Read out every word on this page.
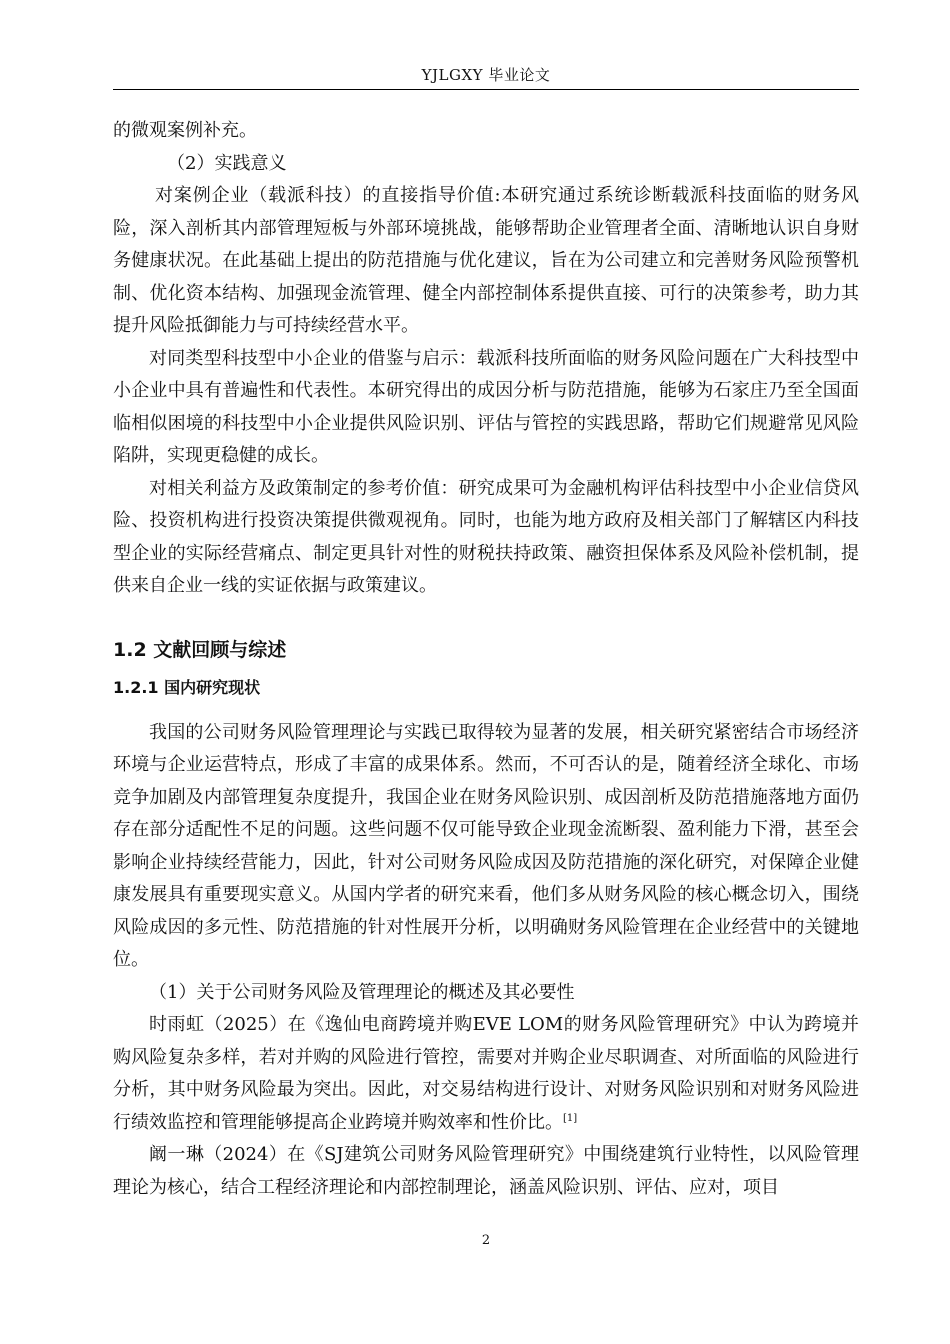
YJLGXY 毕业论文

的微观案例补充。

（2）实践意义

对案例企业（载派科技）的直接指导价值:本研究通过系统诊断载派科技面临的财务风险，深入剖析其内部管理短板与外部环境挑战，能够帮助企业管理者全面、清晰地认识自身财务健康状况。在此基础上提出的防范措施与优化建议，旨在为公司建立和完善财务风险预警机制、优化资本结构、加强现金流管理、健全内部控制体系提供直接、可行的决策参考，助力其提升风险抵御能力与可持续经营水平。

对同类型科技型中小企业的借鉴与启示：载派科技所面临的财务风险问题在广大科技型中小企业中具有普遍性和代表性。本研究得出的成因分析与防范措施，能够为石家庄乃至全国面临相似困境的科技型中小企业提供风险识别、评估与管控的实践思路，帮助它们规避常见风险陷阱，实现更稳健的成长。

对相关利益方及政策制定的参考价值：研究成果可为金融机构评估科技型中小企业信贷风险、投资机构进行投资决策提供微观视角。同时，也能为地方政府及相关部门了解辖区内科技型企业的实际经营痛点、制定更具针对性的财税扶持政策、融资担保体系及风险补偿机制，提供来自企业一线的实证依据与政策建议。

1.2 文献回顾与综述
1.2.1 国内研究现状

我国的公司财务风险管理理论与实践已取得较为显著的发展，相关研究紧密结合市场经济环境与企业运营特点，形成了丰富的成果体系。然而，不可否认的是，随着经济全球化、市场竞争加剧及内部管理复杂度提升，我国企业在财务风险识别、成因剖析及防范措施落地方面仍存在部分适配性不足的问题。这些问题不仅可能导致企业现金流断裂、盈利能力下滑，甚至会影响企业持续经营能力，因此，针对公司财务风险成因及防范措施的深化研究，对保障企业健康发展具有重要现实意义。从国内学者的研究来看，他们多从财务风险的核心概念切入，围绕风险成因的多元性、防范措施的针对性展开分析，以明确财务风险管理在企业经营中的关键地位。

（1）关于公司财务风险及管理理论的概述及其必要性

时雨虹（2025）在《逸仙电商跨境并购EVE LOM的财务风险管理研究》中认为跨境并购风险复杂多样，若对并购的风险进行管控，需要对并购企业尽职调查、对所面临的风险进行分析，其中财务风险最为突出。因此，对交易结构进行设计、对财务风险识别和对财务风险进行绩效监控和管理能够提高企业跨境并购效率和性价比。[1]

阚一琳（2024）在《SJ建筑公司财务风险管理研究》中围绕建筑行业特性，以风险管理理论为核心，结合工程经济理论和内部控制理论，涵盖风险识别、评估、应对，项目

2
